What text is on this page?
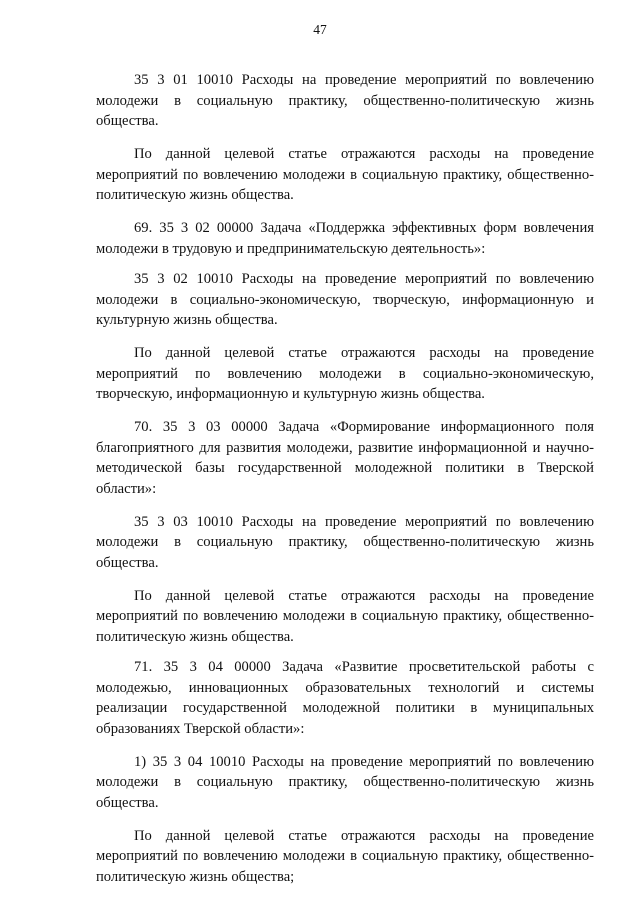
47

35 3 01 10010 Расходы на проведение мероприятий по вовлечению молодежи в социальную практику, общественно-политическую жизнь общества.

По данной целевой статье отражаются расходы на проведение мероприятий по вовлечению молодежи в социальную практику, общественно-политическую жизнь общества.

69. 35 3 02 00000 Задача «Поддержка эффективных форм вовлечения молодежи в трудовую и предпринимательскую деятельность»:

35 3 02 10010 Расходы на проведение мероприятий по вовлечению молодежи в социально-экономическую, творческую, информационную и культурную жизнь общества.

По данной целевой статье отражаются расходы на проведение мероприятий по вовлечению молодежи в социально-экономическую, творческую, информационную и культурную жизнь общества.

70. 35 3 03 00000 Задача «Формирование информационного поля благоприятного для развития молодежи, развитие информационной и научно-методической базы государственной молодежной политики в Тверской области»:

35 3 03 10010 Расходы на проведение мероприятий по вовлечению молодежи в социальную практику, общественно-политическую жизнь общества.

По данной целевой статье отражаются расходы на проведение мероприятий по вовлечению молодежи в социальную практику, общественно-политическую жизнь общества.

71. 35 3 04 00000 Задача «Развитие просветительской работы с молодежью, инновационных образовательных технологий и системы реализации государственной молодежной политики в муниципальных образованиях Тверской области»:

1) 35 3 04 10010 Расходы на проведение мероприятий по вовлечению молодежи в социальную практику, общественно-политическую жизнь общества.

По данной целевой статье отражаются расходы на проведение мероприятий по вовлечению молодежи в социальную практику, общественно-политическую жизнь общества;
